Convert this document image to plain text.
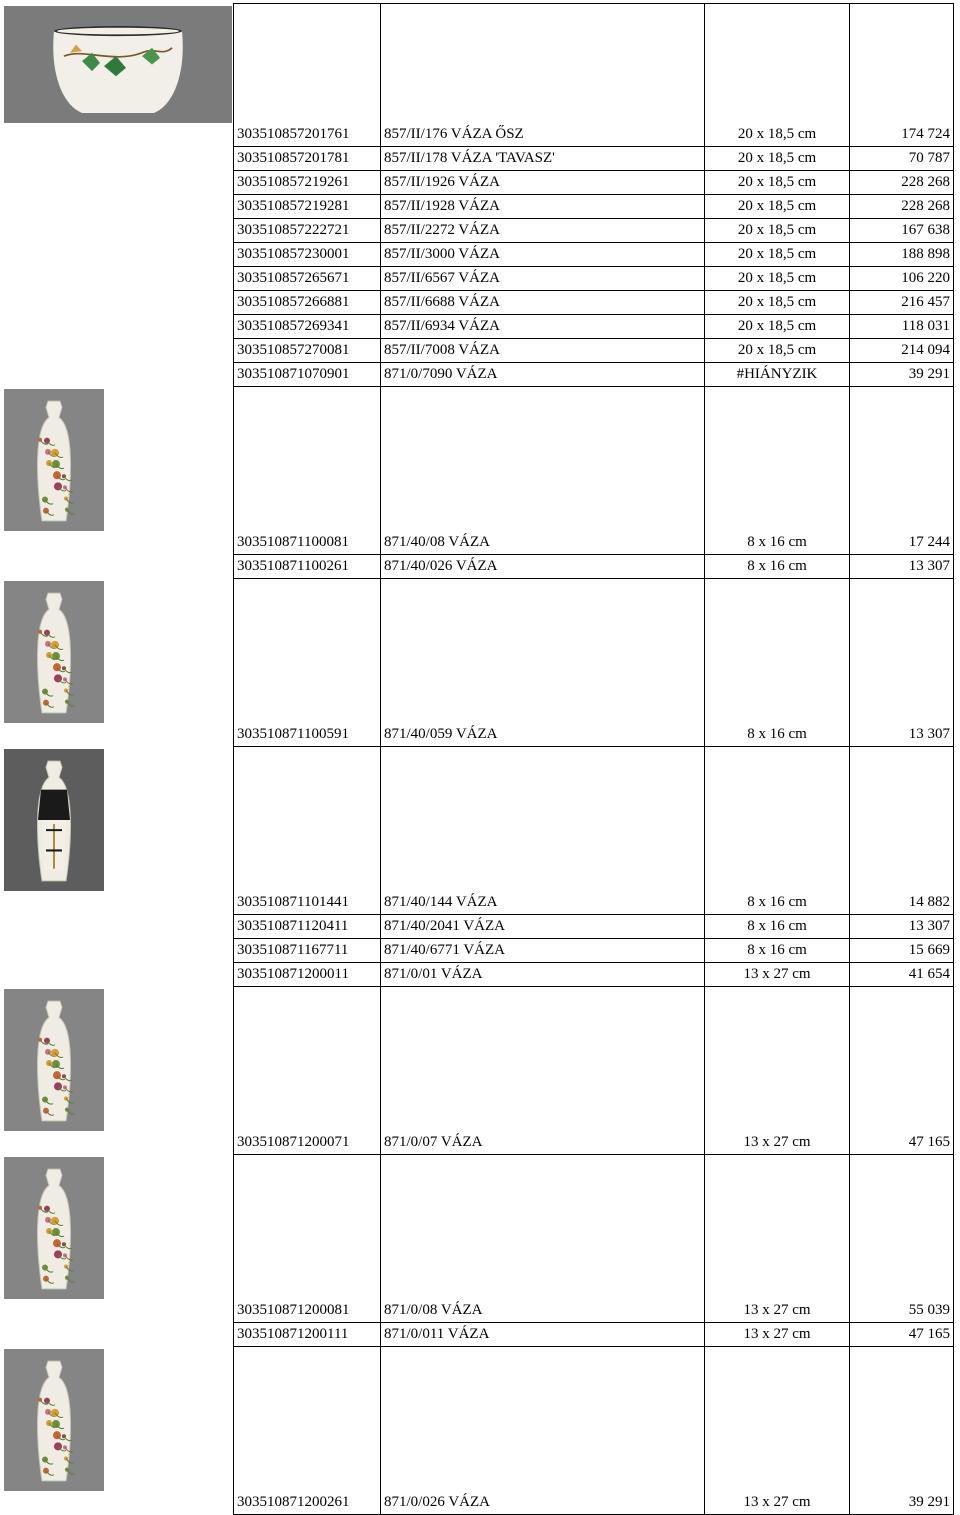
303510857201761	857/II/176 VÁZA ŐSZ	20 x 18,5 cm	174 724
303510857201781	857/II/178 VÁZA 'TAVASZ'	20 x 18,5 cm	70 787
303510857219261	857/II/1926 VÁZA	20 x 18,5 cm	228 268
303510857219281	857/II/1928 VÁZA	20 x 18,5 cm	228 268
303510857222721	857/II/2272 VÁZA	20 x 18,5 cm	167 638
303510857230001	857/II/3000 VÁZA	20 x 18,5 cm	188 898
303510857265671	857/II/6567 VÁZA	20 x 18,5 cm	106 220
303510857266881	857/II/6688 VÁZA	20 x 18,5 cm	216 457
303510857269341	857/II/6934 VÁZA	20 x 18,5 cm	118 031
303510857270081	857/II/7008 VÁZA	20 x 18,5 cm	214 094
303510871070901	871/0/7090 VÁZA	#HIÁNYZIK	39 291
303510871100081	871/40/08 VÁZA	8 x 16 cm	17 244
303510871100261	871/40/026 VÁZA	8 x 16 cm	13 307
303510871100591	871/40/059 VÁZA	8 x 16 cm	13 307
303510871101441	871/40/144 VÁZA	8 x 16 cm	14 882
303510871120411	871/40/2041 VÁZA	8 x 16 cm	13 307
303510871167711	871/40/6771 VÁZA	8 x 16 cm	15 669
303510871200011	871/0/01 VÁZA	13 x 27 cm	41 654
303510871200071	871/0/07 VÁZA	13 x 27 cm	47 165
303510871200081	871/0/08 VÁZA	13 x 27 cm	55 039
303510871200111	871/0/011 VÁZA	13 x 27 cm	47 165
303510871200261	871/0/026 VÁZA	13 x 27 cm	39 291
